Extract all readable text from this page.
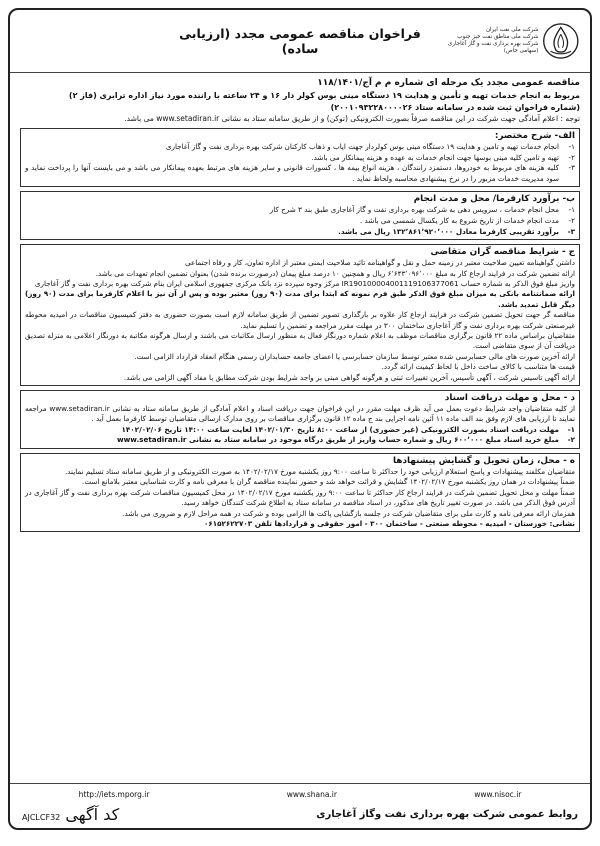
شرکت ملی نفت ایران
شرکت ملی مناطق نفت خیز جنوب
شرکت بهره برداری نفت و گاز آغاجاری (سهامی خاص)
فراخوان مناقصه عمومی مجدد (ارزیابی ساده)

مناقصه عمومی مجدد یک مرحله ای شماره م م آج/۱۱۸/۱۴۰۱

مربوط به انجام خدمات تهیه و تأمین و هدایت ۱۹ دستگاه مینی بوس کولر دار ۱۶ و ۲۴ ساعته با راننده مورد نیاز اداره ترابری (فاز ۲)

(شماره فراخوان ثبت شده در سامانه ستاد ۲۰۰۱۰۹۳۲۲۸۰۰۰۰۲۶)

توجه : اعلام آمادگی جهت شرکت در این مناقصه صرفاً بصورت الکترونیکی (توکن) و از طریق سامانه ستاد به نشانی www.setadiran.ir می باشد.

الف- شرح مختصر:
۱-
انجام خدمات تهیه و تامین و هدایت ۱۹ دستگاه مینی بوس کولردار جهت ایاب و ذهاب کارکنان شرکت بهره برداری نفت و گاز آغاجاری
۲-
تهیه و تامین کلیه مینی بوسها جهت انجام خدمات به عهده و هزینه پیمانکار می باشد.
۳-
کلیه هزینه های مربوط به خودروها، دستمزد رانندگان ، هزینه انواع بیمه ها ، کسورات قانونی و سایر هزینه های مرتبط بعهده پیمانکار می باشد و می بایست آنها را پرداخت نماید و سود مدیریت خدمات مزبور را در نرخ پیشنهادی محاسبه ولحاظ نماید .
ب- برآورد کارفرما/ محل و مدت انجام
۱-
محل انجام خدمات ، سرویس دهی به شرکت بهره برداری نفت و گاز آغاجاری طبق بند ۳ شرح کار
۲-
مدت انجام خدمات از تاریخ شروع به کار یکسال شمسی می باشد .
۳-
برآورد تقریبی کارفرما معادل ۱۳۲٬۸۶۱٬۹۲۰٬۰۰۰ ریال می باشد.
ج - شرایط مناقصه گران متقاضی

داشتن گواهینامه تعیین صلاحیت معتبر در زمینه حمل و نقل و گواهینامه تائید صلاحیت ایمنی معتبر از اداره تعاون، کار و رفاه اجتماعی

ارائه تضمین شرکت در فرایند ارجاع کار به مبلغ ۶٬۶۴۳٬۰۹۶٬۰۰۰ ریال و همچنین ۱۰ درصد مبلغ پیمان (درصورت برنده شدن) بعنوان تضمین انجام تعهدات می باشد.

واریز مبلغ فوق الذکر به شماره حساب IR190100004001119106377061 مرکز وجوه سپرده نزد بانک مرکزی جمهوری اسلامی ایران بنام شرکت بهره برداری نفت و گاز آغاجاری

ارائه ضمانتنامه بانکی به میزان مبلغ فوق الذکر طبق فرم نمونه که ابتدا برای مدت (۹۰ روز) معتبر بوده و پس از آن نیز با اعلام کارفرما برای مدت (۹۰ روز) دیگر قابل تمدید باشد.

مناقصه گر جهت تحویل تضمین شرکت در فرایند ارجاع کار علاوه بر بارگذاری تصویر تضمین از طریق سامانه لازم است بصورت حضوری به دفتر کمیسیون مناقصات در امیدیه محوطه غیرصنعتی شرکت بهره برداری نفت و گاز آغاجاری ساختمان ۳۰۰ در مهلت مقرر مراجعه و تضمین را تسلیم نماید.

متقاضیان براساس ماده ۲۲ قانون برگزاری مناقصات موظف به اعلام شماره دورنگار فعال به منظور ارسال مکاتبات می باشند و ارسال هرگونه مکاتبه به دورنگار اعلامی به منزله تصدیق دریافت آن از سوی متقاضی است.

ارائه آخرین صورت های مالی حسابرسی شده معتبر توسط سازمان حسابرسی یا اعضای جامعه حسابداران رسمی هنگام انعقاد قرارداد الزامی است.

قیمت ها متناسب با کالای ساخت داخل با لحاظ کیفیت ارائه گردد.

ارائه آگهی تاسیس شرکت ، آگهی تأسیس، آخرین تغییرات ثبتی و هرگونه گواهی مبنی بر واجد شرایط بودن شرکت مطابق با مفاد آگهی الزامی می باشد.

د - محل و مهلت دریافت اسناد

از کلیه متقاضیان واجد شرایط دعوت بعمل می آید ظرف مهلت مقرر در این فراخوان جهت دریافت اسناد و اعلام آمادگی از طریق سامانه ستاد به نشانی www.setadiran.ir مراجعه نمایند تا ارزیابی های لازم وفق بند الف ماده ۱۱ آئین نامه اجرایی بند ج ماده ۱۲ قانون برگزاری مناقصات بر روی مدارک ارسالی متقاضیان توسط کارفرما بعمل آید .

۱-
مهلت دریافت اسناد بصورت الکترونیکی (غیر حضوری) از ساعت ۸:۰۰ تاریخ ۱۴۰۲/۰۱/۳۰ لغایت ساعت ۱۴:۰۰ تاریخ ۱۴۰۲/۰۲/۰۶
۲-
مبلغ خرید اسناد مبلغ ۶۰۰٬۰۰۰ ریال و شماره حساب واریز از طریق درگاه موجود در سامانه ستاد به نشانی www.setadiran.ir
ه - محل، زمان تحویل و گشایش پیشنهادها

متقاضیان مکلفند پیشنهادات و پاسخ استعلام ارزیابی خود را حداکثر تا ساعت ۹:۰۰ روز یکشنبه مورخ ۱۴۰۲/۰۲/۱۷ به صورت الکترونیکی و از طریق سامانه ستاد تسلیم نمایند.

ضمناً پیشنهادات در همان روز یکشنبه مورخ ۱۴۰۲/۰۲/۱۷ گشایش و قرائت خواهد شد و حضور نماینده مناقصه گران با معرفی نامه و کارت شناسایی معتبر بلامانع است.

ضمناً مهلت و محل تحویل تضمین شرکت در فرایند ارجاع کار حداکثر تا ساعت ۹:۰۰ روز یکشنبه مورخ ۱۴۰۲/۰۲/۱۷ در محل کمیسیون مناقصات شرکت بهره برداری نفت و گاز آغاجاری در آدرس فوق الذکر می باشد. در صورت تغییر تاریخ های مذکور، در اسناد مناقصه در سامانه ستاد به اطلاع شرکت کنندگان خواهد رسید.

همزمان ارائه معرفی نامه و کارت ملی برای متقاضیان شرکت در جلسه بازگشایی پاکت ها الزامی بوده و شرکت در همه مراحل لازم و ضروری می باشد.

نشانی: خوزستان - امیدیه - محوطه صنعتی - ساختمان ۳۰۰ - امور حقوقی و قراردادها تلفن ۰۶۱۵۲۶۲۲۷۰۳

http://iets.mporg.ir	www.shana.ir	www.nisoc.ir
روابط عمومی شرکت بهره برداری نفت وگاز آغاجاری
کد آگهی AJCLCF32
